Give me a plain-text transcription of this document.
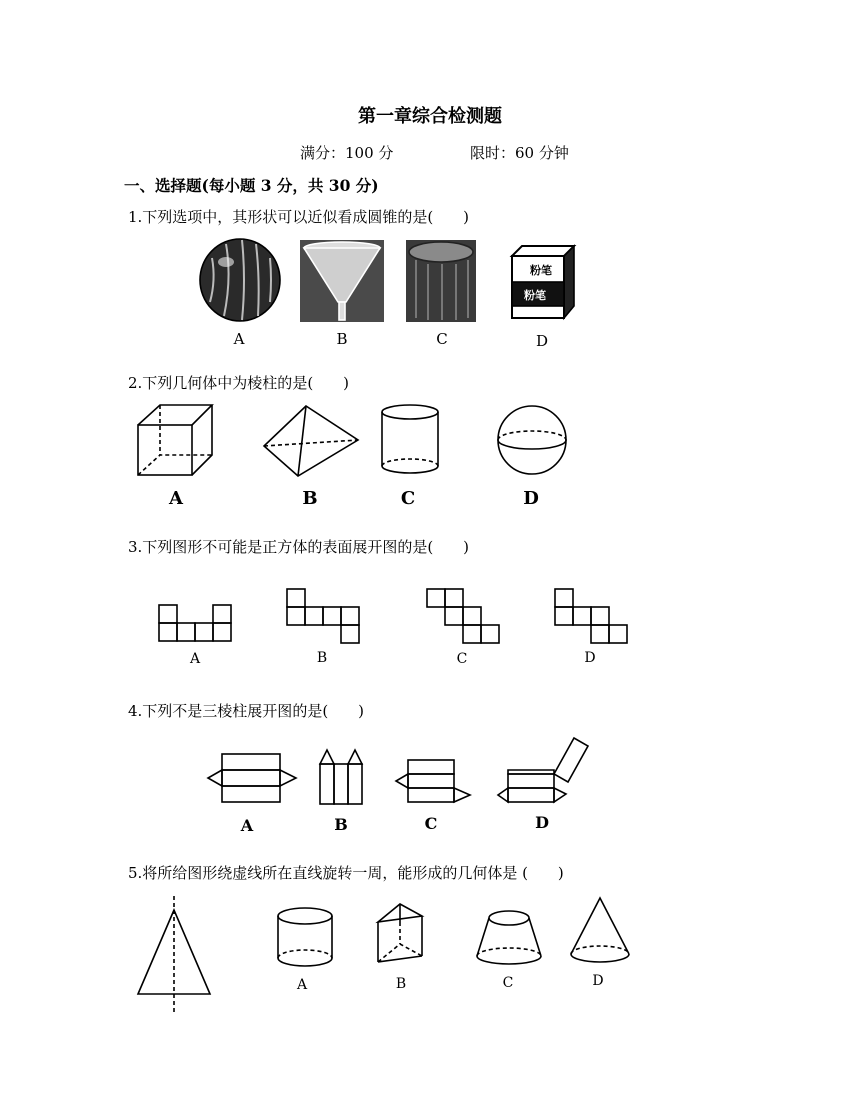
第一章综合检测题
满分：100 分	限时：60 分钟
一、选择题(每小题 3 分，共 30 分)
1.下列选项中，其形状可以近似看成圆锥的是(　　)
粉笔
粉笔
A	B	C	D
2.下列几何体中为棱柱的是(　　)
A	B	C	D
3.下列图形不可能是正方体的表面展开图的是(　　)
A	B	C	D
4.下列不是三棱柱展开图的是(　　)
A	B	C	D
5.将所给图形绕虚线所在直线旋转一周，能形成的几何体是 (　　)
A	B	C	D
